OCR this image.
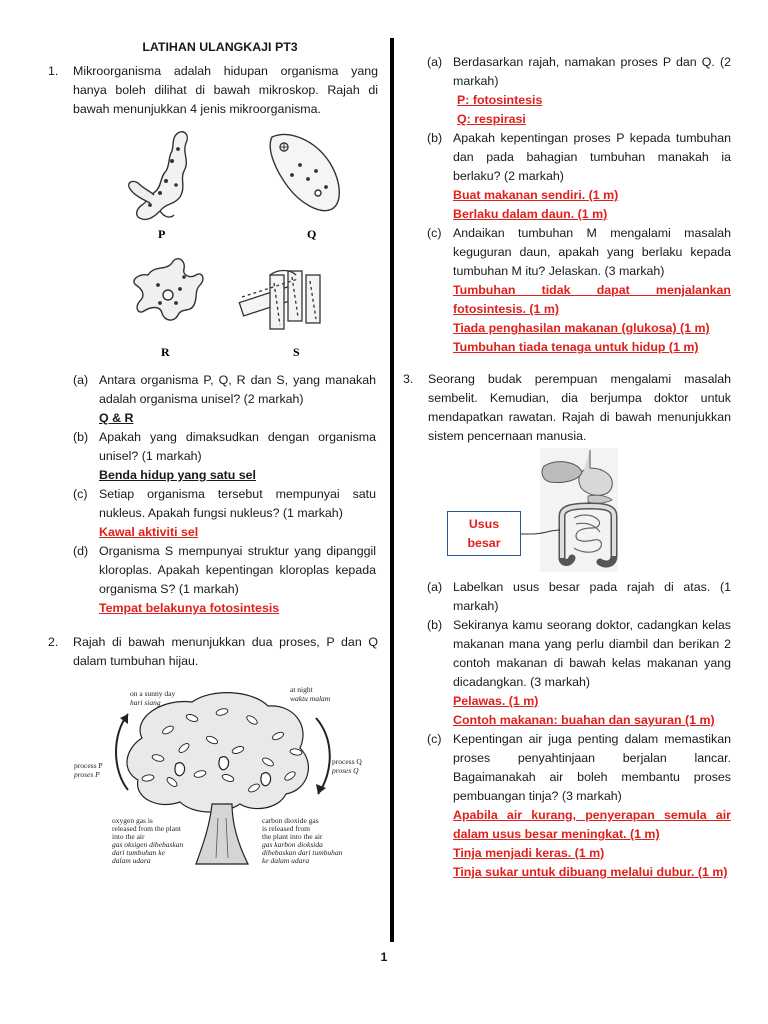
LATIHAN ULANGKAJI PT3
1. Mikroorganisma adalah hidupan organisma yang hanya boleh dilihat di bawah mikroskop. Rajah di bawah menunjukkan 4 jenis mikroorganisma.
P	Q
R	S
(a) Antara organisma P, Q, R dan S, yang manakah adalah organisma unisel? (2 markah)
Q & R
(b) Apakah yang dimaksudkan dengan organisma unisel? (1 markah)
Benda hidup yang satu sel
(c) Setiap organisma tersebut mempunyai satu nukleus. Apakah fungsi nukleus? (1 markah)
Kawal aktiviti sel
(d) Organisma S mempunyai struktur yang dipanggil kloroplas. Apakah kepentingan kloroplas kepada organisma S? (1 markah)
Tempat belakunya fotosintesis
2. Rajah di bawah menunjukkan dua proses, P dan Q dalam tumbuhan hijau.
on a sunny day
hari siang
at night
waktu malam
process P
proses P
process Q
proses Q
oxygen gas is
released from the plant
into the air
gas oksigen dibebaskan
dari tumbuhan ke
dalam udara
carbon dioxide gas
is released from
the plant into the air
gas karbon dioksida
dibebaskan dari tumbuhan
ke dalam udara
(a) Berdasarkan rajah, namakan proses P dan Q. (2 markah)
P: fotosintesis
Q: respirasi
(b) Apakah kepentingan proses P kepada tumbuhan dan pada bahagian tumbuhan manakah ia berlaku? (2 markah)
Buat makanan sendiri. (1 m)
Berlaku dalam daun. (1 m)
(c) Andaikan tumbuhan M mengalami masalah keguguran daun, apakah yang berlaku kepada tumbuhan M itu? Jelaskan. (3 markah)
Tumbuhan tidak dapat menjalankan fotosintesis. (1 m)
Tiada penghasilan makanan (glukosa) (1 m)
Tumbuhan tiada tenaga untuk hidup (1 m)
3. Seorang budak perempuan mengalami masalah sembelit. Kemudian, dia berjumpa doktor untuk mendapatkan rawatan. Rajah di bawah menunjukkan sistem pencernaan manusia.
Usus
besar
(a) Labelkan usus besar pada rajah di atas. (1 markah)
(b) Sekiranya kamu seorang doktor, cadangkan kelas makanan mana yang perlu diambil dan berikan 2 contoh makanan di bawah kelas makanan yang dicadangkan. (3 markah)
Pelawas. (1 m)
Contoh makanan: buahan dan sayuran (1 m)
(c) Kepentingan air juga penting dalam memastikan proses penyahtinjaan berjalan lancar. Bagaimanakah air boleh membantu proses pembuangan tinja? (3 markah)
Apabila air kurang, penyerapan semula air dalam usus besar meningkat. (1 m)
Tinja menjadi keras. (1 m)
Tinja sukar untuk dibuang melalui dubur. (1 m)
1
